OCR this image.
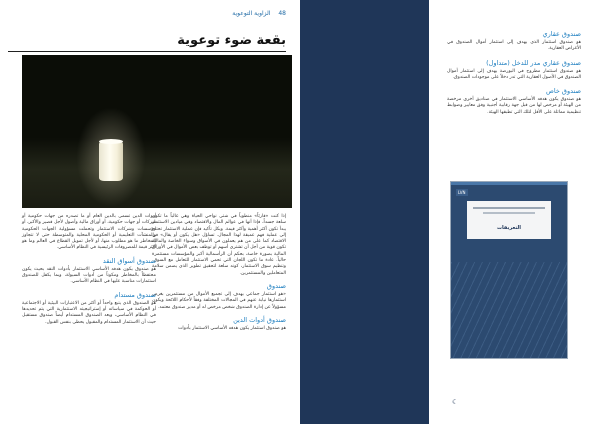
48 الزاوية التوعوية
بقعة ضوء توعوية

إذا كنت «قارئاً» منطوياً في شتى نواحي الحياة وهي غالباً ما تكون سلعة جسداً، فإذا أنها في عوالم المال والاقتصاد وفي ميادين الاستثمار يبدأ تكون أكثر أهمية وأكثر قيمة. وبكل تأكيد فإن عملية الاستثمار تحتاج إلى عملية فهم عميقة لهذا المجال. تساؤل «هل يكون أو يقال» في الاقتصاد كما على من هم يعملون في الأسواق وسواء الخاصة والمالية تكون قوية من أجل أن تشتري أسهم أو توظف بعض الأموال في الأوراق المالية بصورة خاصة، بحكم أن الرأسمالية أكبر والمؤسسات مستثمرة حالياً. عادة ما تكون اللجان التي تحمي الاستثمار للتعامل مع السوق. وتنظيم سوق الاستثمار، كونه سلعة لتحقيق تطوير الذي يضمن سلامة المتعاملين والمستثمرين.

صندوق

«هو استثمار جماعي يهدف إلى تجميع الأموال من مستثمرين بغرض استثمارها نيابة عنهم في المجالات المختلفة وفقاً لأحكام اللائحة ويكون مسؤولاً عن إدارة الصندوق شخص مرخص له أو مدير صندوق معتمد.

صندوق أدوات الدين

هو صندوق استثمار يكون هدفه الأساسي الاستثمار بأدوات

أدوات الدين تسمى بالدين العام أو ما تصدره من جهات حكومية أو شركات أو جهات حكومية، أو أوراق مالية وأصول لأجل قصير والأكبر، أو مؤسسات وشركات الاستثمار وتحملت مسؤولية الجهات الحكومية والمنشآت التعليمية أو الحكومية المحلية والمتوسطة حتى لا تتجاوز المخاطر ما هو مطلوب منها، أو لأجل تمويل القطاع في العالم وما هو أكثر قيمة للمصروفات الرئيسية في النظام الأساسي.

صندوق أسواق النقد

هو صندوق يكون هدفه الأساسي الاستثمار بأدوات النقد بحيث يكون محتفظاً بالمخاطر ومكوناً من أدوات السيولة، وبما يكفل للصندوق استثمارات مناسبة عليها في النظام الأساسي.

صندوق مستدام

هو الصندوق الذي يتبع واحداً أو أكثر من الاعتبارات البيئية أو الاجتماعية أو الحوكمة في سياساته أو إستراتيجيته الاستثمارية التي يتم تحديدها في النظام الأساسي، ويعد الصندوق المستدام أيضاً صندوق مستقبل حيث أن الاستثمار المستدام والمقبول يحظى بنفس القبول.

صندوق عقاري

هو صندوق استثمار الذي يهدف إلى استثمار أموال الصندوق في الأغراض العقارية.

صندوق عقاري مدر للدخل (متداول)

هو صندوق استثمار مطروح في البورصة يهدف إلى استثمار أموال الصندوق في الأصول العقارية التي تدر دخلاً على موجودات الصندوق.

صندوق خاص

هو صندوق يكون هدفه الأساسي الاستثمار في صناديق أخرى مرخصة من الهيئة أو مرخص لها من قبل جهة رقابية أجنبية وفق معايير وضوابط تنظيمية مماثلة على الأقل لتلك التي تطبقها الهيئة.

LVN
التعريفات
☾
